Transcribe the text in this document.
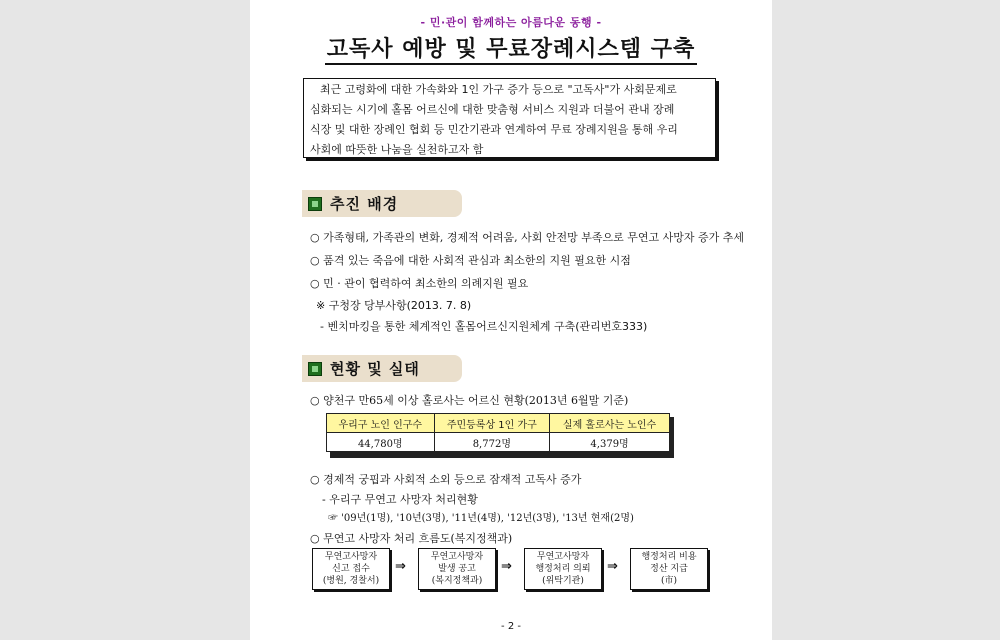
- 민·관이 함께하는 아름다운 동행 -
고독사 예방 및 무료장례시스템 구축
최근 고령화에 대한 가속화와 1인 가구 증가 등으로 "고독사"가 사회문제로
심화되는 시기에 홀몸 어르신에 대한 맞춤형 서비스 지원과 더불어 관내 장례
식장 및 대한 장례인 협회 등 민간기관과 연계하여 무료 장례지원을 통해 우리
사회에 따뜻한 나눔을 실천하고자 함
추진 배경
○ 가족형태, 가족관의 변화, 경제적 어려움, 사회 안전망 부족으로 무연고 사망자 증가 추세
○ 품격 있는 죽음에 대한 사회적 관심과 최소한의 지원 필요한 시점
○ 민 · 관이 협력하여 최소한의 의례지원 필요
※ 구청장 당부사항(2013. 7. 8)
- 벤치마킹을 통한 체계적인 홀몸어르신지원체계 구축(관리번호333)
현황 및 실태
○ 양천구 만65세 이상 홀로사는 어르신 현황(2013년 6월말 기준)
우리구 노인 인구수	주민등록상 1인 가구	실제 홀로사는 노인수
44,780명	8,772명	4,379명
○ 경제적 궁핍과 사회적 소외 등으로 잠재적 고독사 증가
- 우리구 무연고 사망자 처리현황
☞ '09년(1명), '10년(3명), '11년(4명), '12년(3명), '13년 현재(2명)
○ 무연고 사망자 처리 흐름도(복지정책과)
무연고사망자
신고 접수
(병원, 경찰서)
⇒
무연고사망자
발생 공고
(복지정책과)
⇒
무연고사망자
행정처리 의뢰
(위탁기관)
⇒
행정처리 비용
정산 지급
(市)
- 2 -
